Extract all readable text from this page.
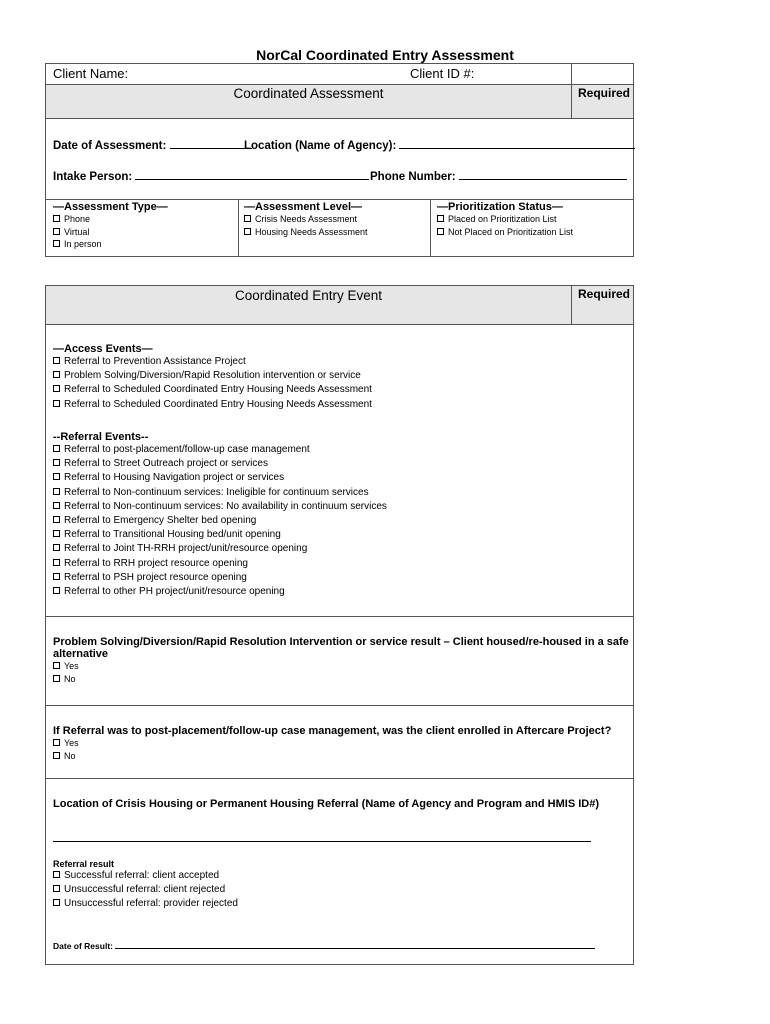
NorCal Coordinated Entry Assessment
Client Name:	Client ID #:
Coordinated Assessment	Required
Date of Assessment:	Location (Name of Agency):
Intake Person:	Phone Number:
—Assessment Type—
Phone
Virtual
In person
—Assessment Level—
Crisis Needs Assessment
Housing Needs Assessment
—Prioritization Status—
Placed on Prioritization List
Not Placed on Prioritization List
Coordinated Entry Event	Required
—Access Events—
Referral to Prevention Assistance Project
Problem Solving/Diversion/Rapid Resolution intervention or service
Referral to Scheduled Coordinated Entry Housing Needs Assessment
Referral to Scheduled Coordinated Entry Housing Needs Assessment
--Referral Events--
Referral to post-placement/follow-up case management
Referral to Street Outreach project or services
Referral to Housing Navigation project or services
Referral to Non-continuum services: Ineligible for continuum services
Referral to Non-continuum services: No availability in continuum services
Referral to Emergency Shelter bed opening
Referral to Transitional Housing bed/unit opening
Referral to Joint TH-RRH project/unit/resource opening
Referral to RRH project resource opening
Referral to PSH project resource opening
Referral to other PH project/unit/resource opening
Problem Solving/Diversion/Rapid Resolution Intervention or service result – Client housed/re-housed in a safe
alternative
Yes
No
If Referral was to post-placement/follow-up case management, was the client enrolled in Aftercare Project?
Yes
No
Location of Crisis Housing or Permanent Housing Referral (Name of Agency and Program and HMIS ID#)
Referral result
Successful referral: client accepted
Unsuccessful referral: client rejected
Unsuccessful referral: provider rejected
Date of Result:
